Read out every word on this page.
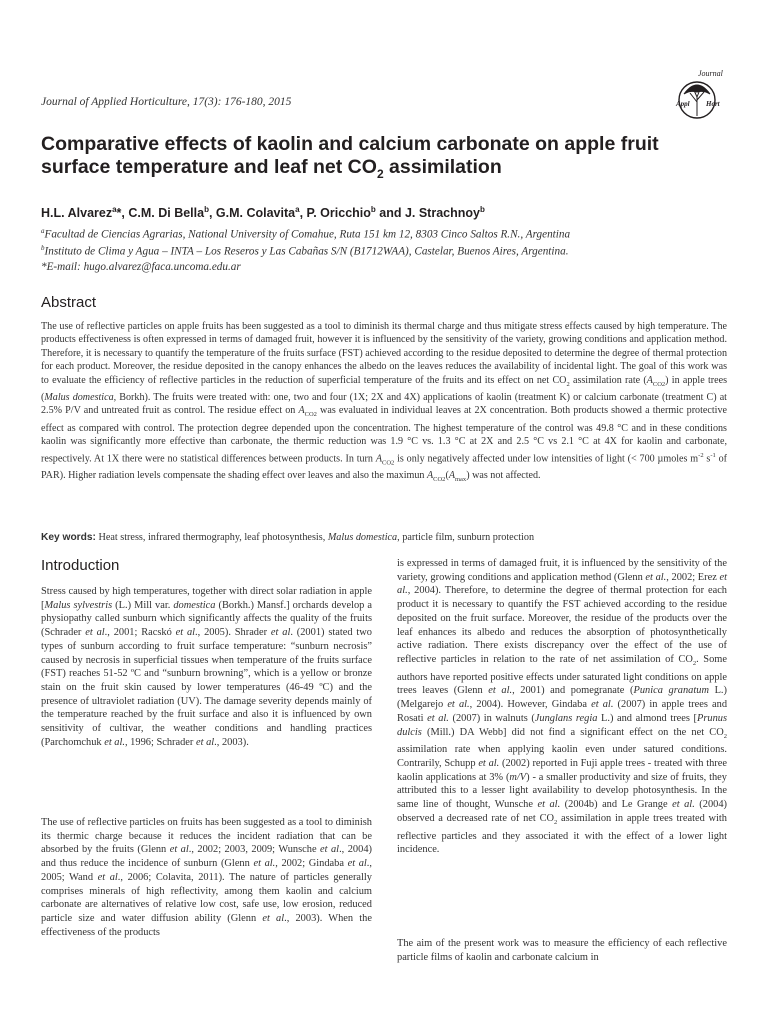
Journal of Applied Horticulture, 17(3): 176-180, 2015
Journal
Appl Hort
Comparative effects of kaolin and calcium carbonate on apple fruit surface temperature and leaf net $CO_2$ assimilation
H.L. Alvarez$^a$*, C.M. Di Bella$^b$, G.M. Colavita$^a$, P. Oricchio$^b$ and J. Strachnoy$^b$
$^a$Facultad de Ciencias Agrarias, National University of Comahue, Ruta 151 km 12, 8303 Cinco Saltos R.N., Argentina
$^b$Instituto de Clima y Agua – INTA – Los Reseros y Las Cabañas S/N (B1712WAA), Castelar, Buenos Aires, Argentina.
*E-mail: hugo.alvarez@faca.uncoma.edu.ar
Abstract
The use of reflective particles on apple fruits has been suggested as a tool to diminish its thermal charge and thus mitigate stress effects caused by high temperature. The products effectiveness is often expressed in terms of damaged fruit, however it is influenced by the sensitivity of the variety, growing conditions and application method. Therefore, it is necessary to quantify the temperature of the fruits surface (FST) achieved according to the residue deposited to determine the degree of thermal protection for each product. Moreover, the residue deposited in the canopy enhances the albedo on the leaves reduces the availability of incidental light. The goal of this work was to evaluate the efficiency of reflective particles in the reduction of superficial temperature of the fruits and its effect on net $CO_2$ assimilation rate $(A_{CO2})$ in apple trees (Malus domestica, Borkh). The fruits were treated with: one, two and four (1X; 2X and 4X) applications of kaolin (treatment K) or calcium carbonate (treatment C) at 2.5% P/V and untreated fruit as control. The residue effect on $A_{CO2}$ was evaluated in individual leaves at 2X concentration. Both products showed a thermic protective effect as compared with control. The protection degree depended upon the concentration. The highest temperature of the control was 49.8 °C and in these conditions kaolin was significantly more effective than carbonate, the thermic reduction was 1.9 °C vs. 1.3 °C at 2X and 2.5 °C vs 2.1 °C at 4X for kaolin and carbonate, respectively. At 1X there were no statistical differences between products. In turn $A_{CO2}$ is only negatively affected under low intensities of light (< 700 µmoles $m^{-2}$ $s^{-1}$ of PAR). Higher radiation levels compensate the shading effect over leaves and also the maximun $A_{CO2}(A_{max})$ was not affected.
Key words: Heat stress, infrared thermography, leaf photosynthesis, Malus domestica, particle film, sunburn protection
Introduction
Stress caused by high temperatures, together with direct solar radiation in apple [Malus sylvestris (L.) Mill var. domestica (Borkh.) Mansf.] orchards develop a physiopathy called sunburn which significantly affects the quality of the fruits (Schrader et al., 2001; Racskó et al., 2005). Shrader et al. (2001) stated two types of sunburn according to fruit surface temperature: “sunburn necrosis” caused by necrosis in superficial tissues when temperature of the fruits surface (FST) reaches 51-52 ºC and “sunburn browning”, which is a yellow or bronze stain on the fruit skin caused by lower temperatures (46-49 ºC) and the presence of ultraviolet radiation (UV). The damage severity depends mainly of the temperature reached by the fruit surface and also it is influenced by own sensitivity of cultivar, the weather conditions and handling practices (Parchomchuk et al., 1996; Schrader et al., 2003).
The use of reflective particles on fruits has been suggested as a tool to diminish its thermic charge because it reduces the incident radiation that can be absorbed by the fruits (Glenn et al., 2002; 2003, 2009; Wunsche et al., 2004) and thus reduce the incidence of sunburn (Glenn et al., 2002; Gindaba et al., 2005; Wand et al., 2006; Colavita, 2011). The nature of particles generally comprises minerals of high reflectivity, among them kaolin and calcium carbonate are alternatives of relative low cost, safe use, low erosion, reduced particle size and water diffusion ability (Glenn et al., 2003). When the effectiveness of the products
is expressed in terms of damaged fruit, it is influenced by the sensitivity of the variety, growing conditions and application method (Glenn et al., 2002; Erez et al., 2004). Therefore, to determine the degree of thermal protection for each product it is necessary to quantify the FST achieved according to the residue deposited on the fruit surface. Moreover, the residue of the products over the leaf enhances its albedo and reduces the absorption of photosynthetically active radiation. There exists discrepancy over the effect of the use of reflective particles in relation to the rate of net assimilation of $CO_2$. Some authors have reported positive effects under saturated light conditions on apple trees leaves (Glenn et al., 2001) and pomegranate (Punica granatum L.) (Melgarejo et al., 2004). However, Gindaba et al. (2007) in apple trees and Rosati et al. (2007) in walnuts (Junglans regia L.) and almond trees [Prunus dulcis (Mill.) DA Webb] did not find a significant effect on the net $CO_2$ assimilation rate when applying kaolin even under satured conditions. Contrarily, Schupp et al. (2002) reported in Fuji apple trees - treated with three kaolin applications at 3% (m/V) - a smaller productivity and size of fruits, they attributed this to a lesser light availability to develop photosynthesis. In the same line of thought, Wunsche et al. (2004b) and Le Grange et al. (2004) observed a decreased rate of net $CO_2$ assimilation in apple trees treated with reflective particles and they associated it with the effect of a lower light incidence.
The aim of the present work was to measure the efficiency of each reflective particle films of kaolin and carbonate calcium in
